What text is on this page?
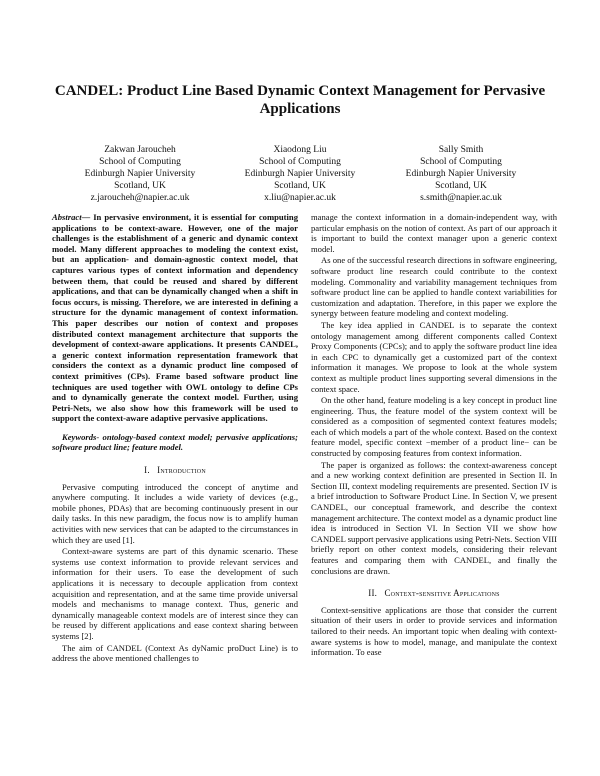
CANDEL: Product Line Based Dynamic Context Management for Pervasive Applications
Zakwan Jaroucheh
School of Computing
Edinburgh Napier University
Scotland, UK
z.jaroucheh@napier.ac.uk
Xiaodong Liu
School of Computing
Edinburgh Napier University
Scotland, UK
x.liu@napier.ac.uk
Sally Smith
School of Computing
Edinburgh Napier University
Scotland, UK
s.smith@napier.ac.uk

Abstract— In pervasive environment, it is essential for computing applications to be context-aware. However, one of the major challenges is the establishment of a generic and dynamic context model. Many different approaches to modeling the context exist, but an application- and domain-agnostic context model, that captures various types of context information and dependency between them, that could be reused and shared by different applications, and that can be dynamically changed when a shift in focus occurs, is missing. Therefore, we are interested in defining a structure for the dynamic management of context information. This paper describes our notion of context and proposes distributed context management architecture that supports the development of context-aware applications. It presents CANDEL, a generic context information representation framework that considers the context as a dynamic product line composed of context primitives (CPs). Frame based software product line techniques are used together with OWL ontology to define CPs and to dynamically generate the context model. Further, using Petri-Nets, we also show how this framework will be used to support the context-aware adaptive pervasive applications.

Keywords- ontology-based context model; pervasive applications; software product line; feature model.

I. Introduction

Pervasive computing introduced the concept of anytime and anywhere computing. It includes a wide variety of devices (e.g., mobile phones, PDAs) that are becoming continuously present in our daily tasks. In this new paradigm, the focus now is to amplify human activities with new services that can be adapted to the circumstances in which they are used [1].

Context-aware systems are part of this dynamic scenario. These systems use context information to provide relevant services and information for their users. To ease the development of such applications it is necessary to decouple application from context acquisition and representation, and at the same time provide universal models and mechanisms to manage context. Thus, generic and dynamically manageable context models are of interest since they can be reused by different applications and ease context sharing between systems [2].

The aim of CANDEL (Context As dyNamic proDuct Line) is to address the above mentioned challenges to

manage the context information in a domain-independent way, with particular emphasis on the notion of context. As part of our approach it is important to build the context manager upon a generic context model.

As one of the successful research directions in software engineering, software product line research could contribute to the context modeling. Commonality and variability management techniques from software product line can be applied to handle context variabilities for customization and adaptation. Therefore, in this paper we explore the synergy between feature modeling and context modeling.

The key idea applied in CANDEL is to separate the context ontology management among different components called Context Proxy Components (CPCs); and to apply the software product line idea in each CPC to dynamically get a customized part of the context information it manages. We propose to look at the whole system context as multiple product lines supporting several dimensions in the context space.

On the other hand, feature modeling is a key concept in product line engineering. Thus, the feature model of the system context will be considered as a composition of segmented context features models; each of which models a part of the whole context. Based on the context feature model, specific context −member of a product line− can be constructed by composing features from context information.

The paper is organized as follows: the context-awareness concept and a new working context definition are presented in Section II. In Section III, context modeling requirements are presented. Section IV is a brief introduction to Software Product Line. In Section V, we present CANDEL, our conceptual framework, and describe the context management architecture. The context model as a dynamic product line idea is introduced in Section VI. In Section VII we show how CANDEL support pervasive applications using Petri-Nets. Section VIII briefly report on other context models, considering their relevant features and comparing them with CANDEL, and finally the conclusions are drawn.

II. Context-sensitive Applications

Context-sensitive applications are those that consider the current situation of their users in order to provide services and information tailored to their needs. An important topic when dealing with context-aware systems is how to model, manage, and manipulate the context information. To ease
